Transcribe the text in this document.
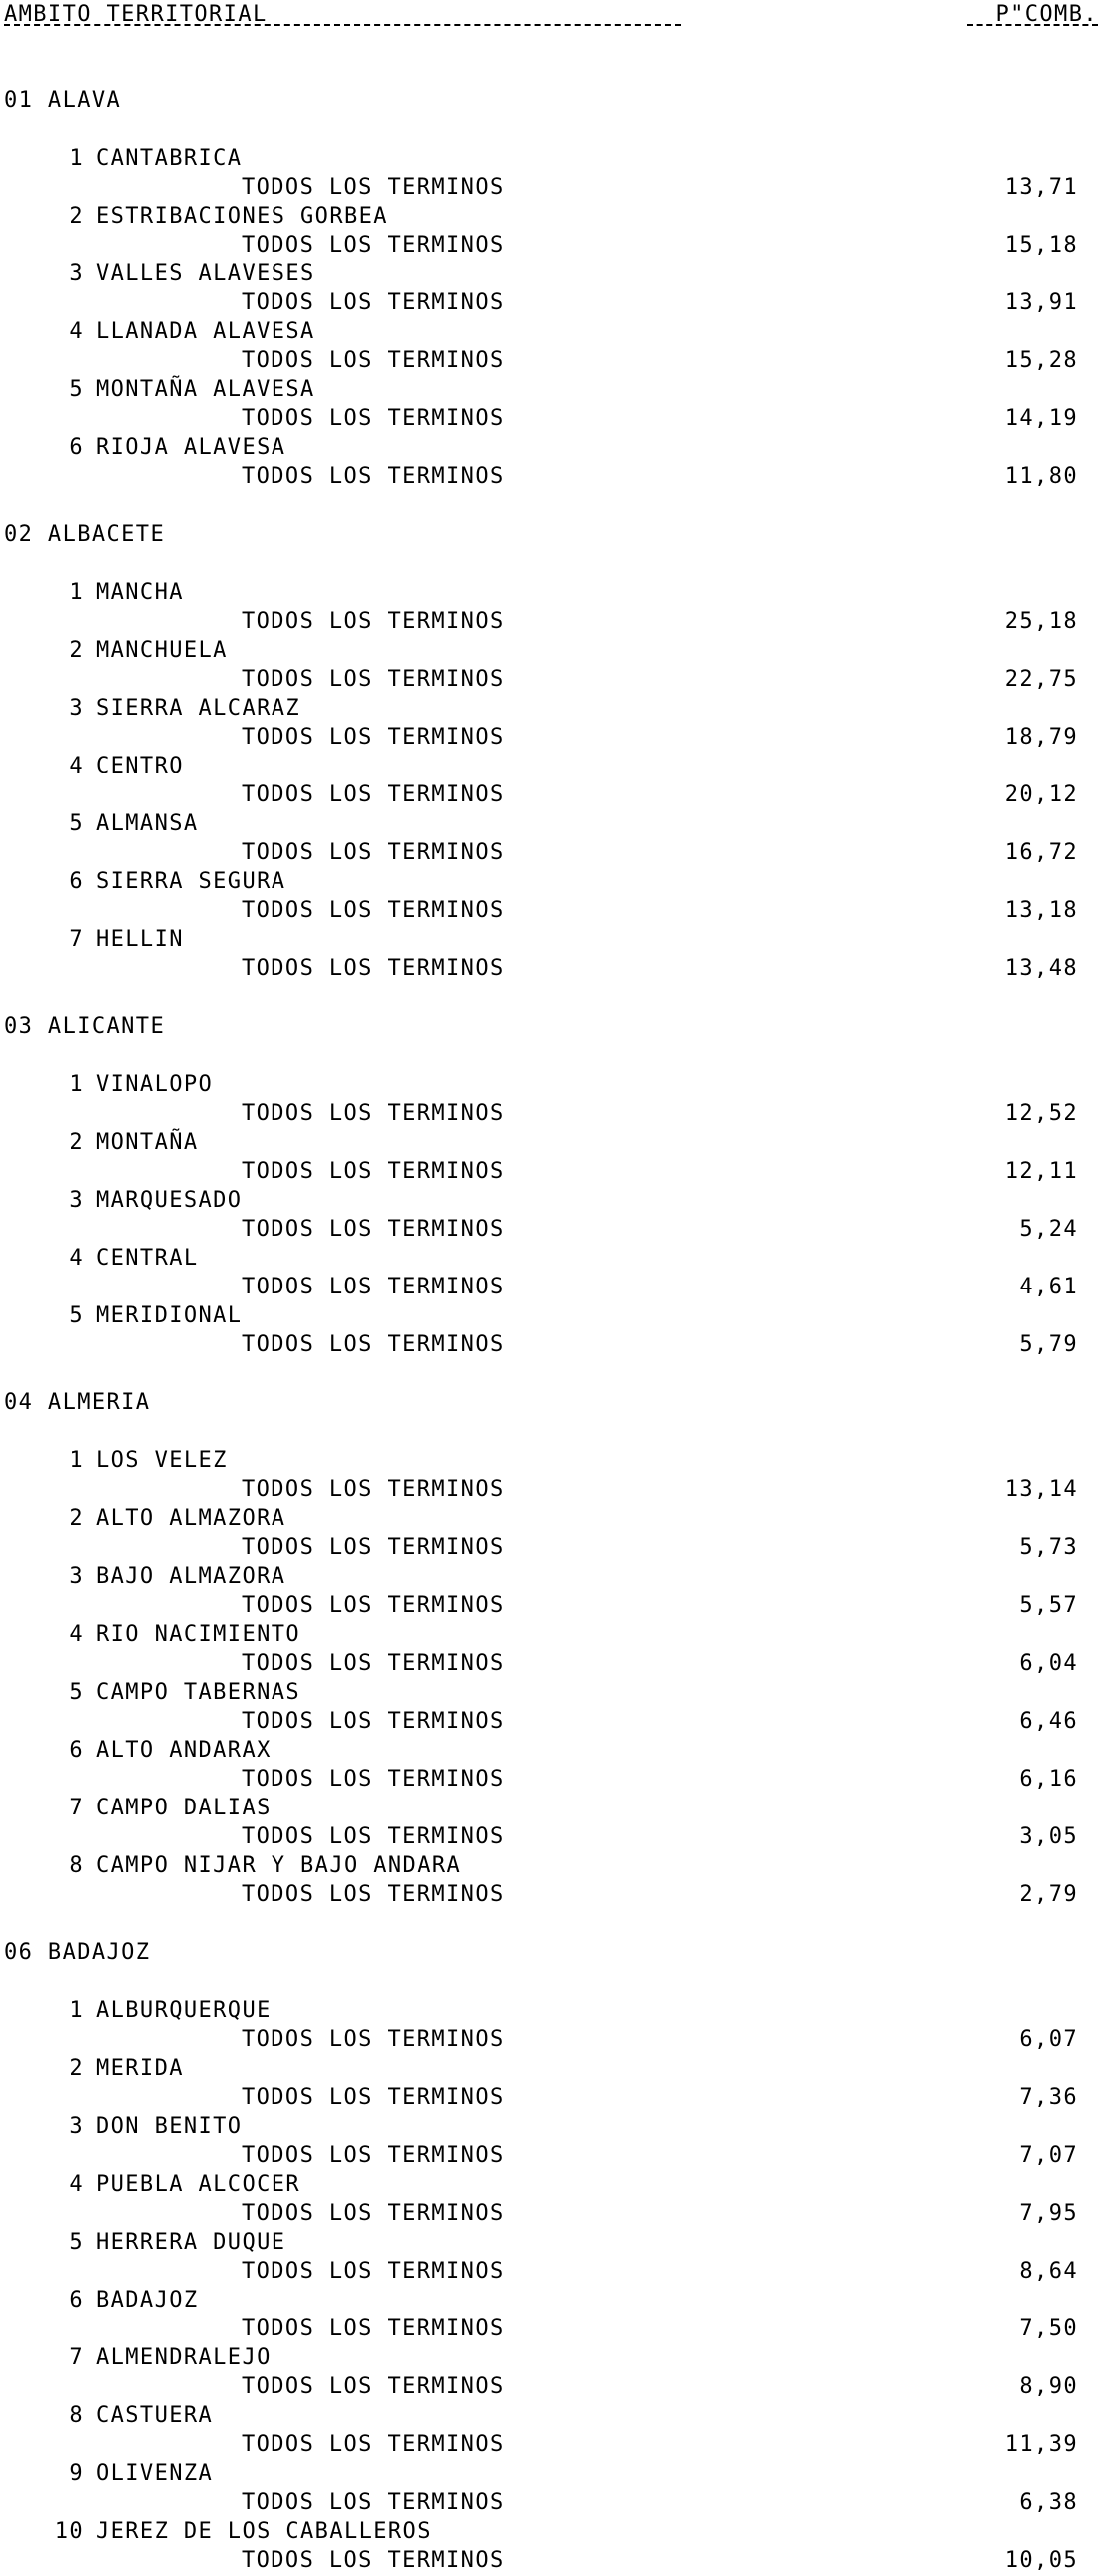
AMBITO TERRITORIAL

	P"COMB.

01 ALAVA
1 CANTABRICA
TODOS LOS TERMINOS	13,71
2 ESTRIBACIONES GORBEA
TODOS LOS TERMINOS	15,18
3 VALLES ALAVESES
TODOS LOS TERMINOS	13,91
4 LLANADA ALAVESA
TODOS LOS TERMINOS	15,28
5 MONTAÑA ALAVESA
TODOS LOS TERMINOS	14,19
6 RIOJA ALAVESA
TODOS LOS TERMINOS	11,80
02 ALBACETE
1 MANCHA
TODOS LOS TERMINOS	25,18
2 MANCHUELA
TODOS LOS TERMINOS	22,75
3 SIERRA ALCARAZ
TODOS LOS TERMINOS	18,79
4 CENTRO
TODOS LOS TERMINOS	20,12
5 ALMANSA
TODOS LOS TERMINOS	16,72
6 SIERRA SEGURA
TODOS LOS TERMINOS	13,18
7 HELLIN
TODOS LOS TERMINOS	13,48
03 ALICANTE
1 VINALOPO
TODOS LOS TERMINOS	12,52
2 MONTAÑA
TODOS LOS TERMINOS	12,11
3 MARQUESADO
TODOS LOS TERMINOS	5,24
4 CENTRAL
TODOS LOS TERMINOS	4,61
5 MERIDIONAL
TODOS LOS TERMINOS	5,79
04 ALMERIA
1 LOS VELEZ
TODOS LOS TERMINOS	13,14
2 ALTO ALMAZORA
TODOS LOS TERMINOS	5,73
3 BAJO ALMAZORA
TODOS LOS TERMINOS	5,57
4 RIO NACIMIENTO
TODOS LOS TERMINOS	6,04
5 CAMPO TABERNAS
TODOS LOS TERMINOS	6,46
6 ALTO ANDARAX
TODOS LOS TERMINOS	6,16
7 CAMPO DALIAS
TODOS LOS TERMINOS	3,05
8 CAMPO NIJAR Y BAJO ANDARA
TODOS LOS TERMINOS	2,79
06 BADAJOZ
1 ALBURQUERQUE
TODOS LOS TERMINOS	6,07
2 MERIDA
TODOS LOS TERMINOS	7,36
3 DON BENITO
TODOS LOS TERMINOS	7,07
4 PUEBLA ALCOCER
TODOS LOS TERMINOS	7,95
5 HERRERA DUQUE
TODOS LOS TERMINOS	8,64
6 BADAJOZ
TODOS LOS TERMINOS	7,50
7 ALMENDRALEJO
TODOS LOS TERMINOS	8,90
8 CASTUERA
TODOS LOS TERMINOS	11,39
9 OLIVENZA
TODOS LOS TERMINOS	6,38
10 JEREZ DE LOS CABALLEROS
TODOS LOS TERMINOS	10,05
